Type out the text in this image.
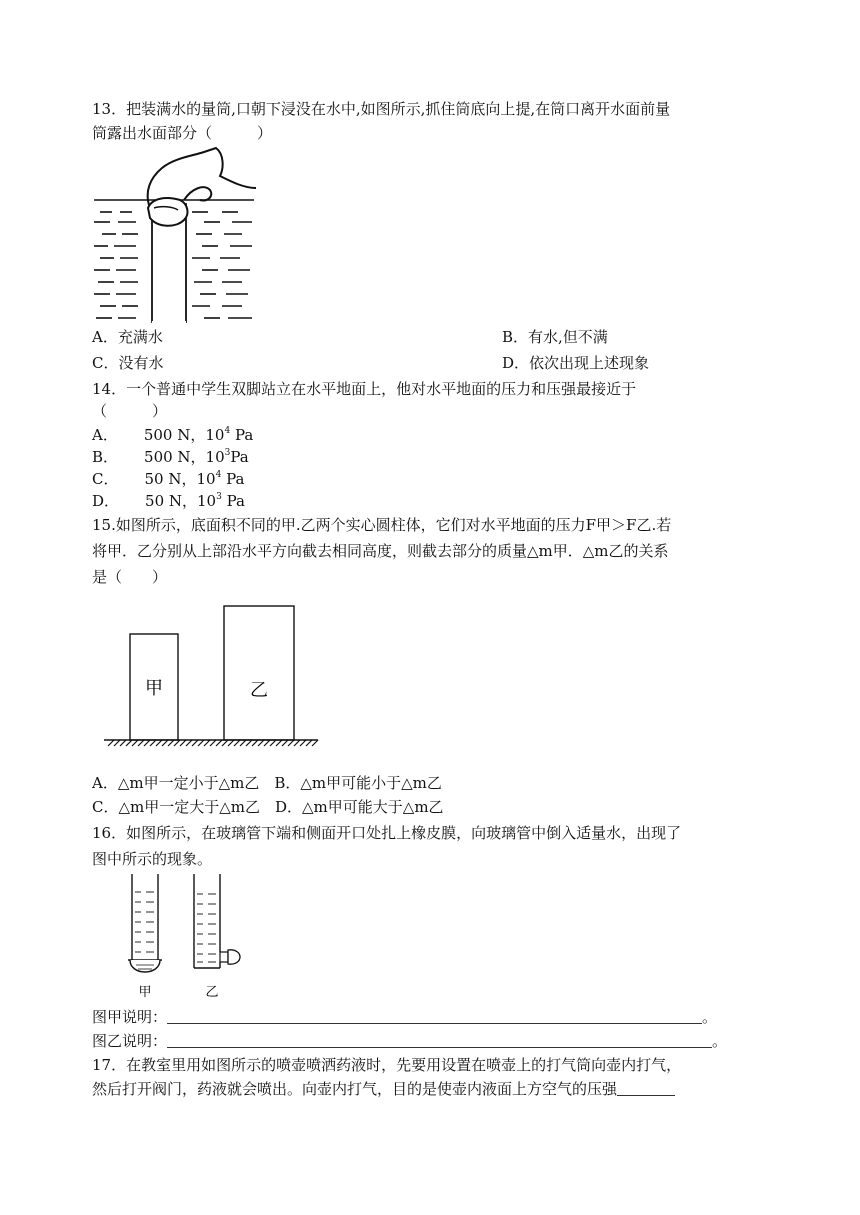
13．把装满水的量筒,口朝下浸没在水中,如图所示,抓住筒底向上提,在筒口离开水面前量
筒露出水面部分（　　　）
A．充满水	B．有水,但不满
C．没有水	D．依次出现上述现象
14．一个普通中学生双脚站立在水平地面上，他对水平地面的压力和压强最接近于
（　　　）
A． 500 N，$10^4$ Pa
B． 500 N，$10^3Pa$
C． 50 N，$10^4$ Pa
D． 50 N，$10^3$ Pa
15.如图所示，底面积不同的甲.乙两个实心圆柱体，它们对水平地面的压力F甲＞F乙.若
将甲．乙分别从上部沿水平方向截去相同高度，则截去部分的质量△m甲．△m乙的关系
是（　　）
甲	乙
A．△m甲一定小于△m乙　B．△m甲可能小于△m乙
C．△m甲一定大于△m乙　D．△m甲可能大于△m乙
16．如图所示，在玻璃管下端和侧面开口处扎上橡皮膜，向玻璃管中倒入适量水，出现了
图中所示的现象。
甲	乙
图甲说明：	。
图乙说明：	。
17．在教室里用如图所示的喷壶喷洒药液时，先要用设置在喷壶上的打气筒向壶内打气，
然后打开阀门，药液就会喷出。向壶内打气，目的是使壶内液面上方空气的压强
